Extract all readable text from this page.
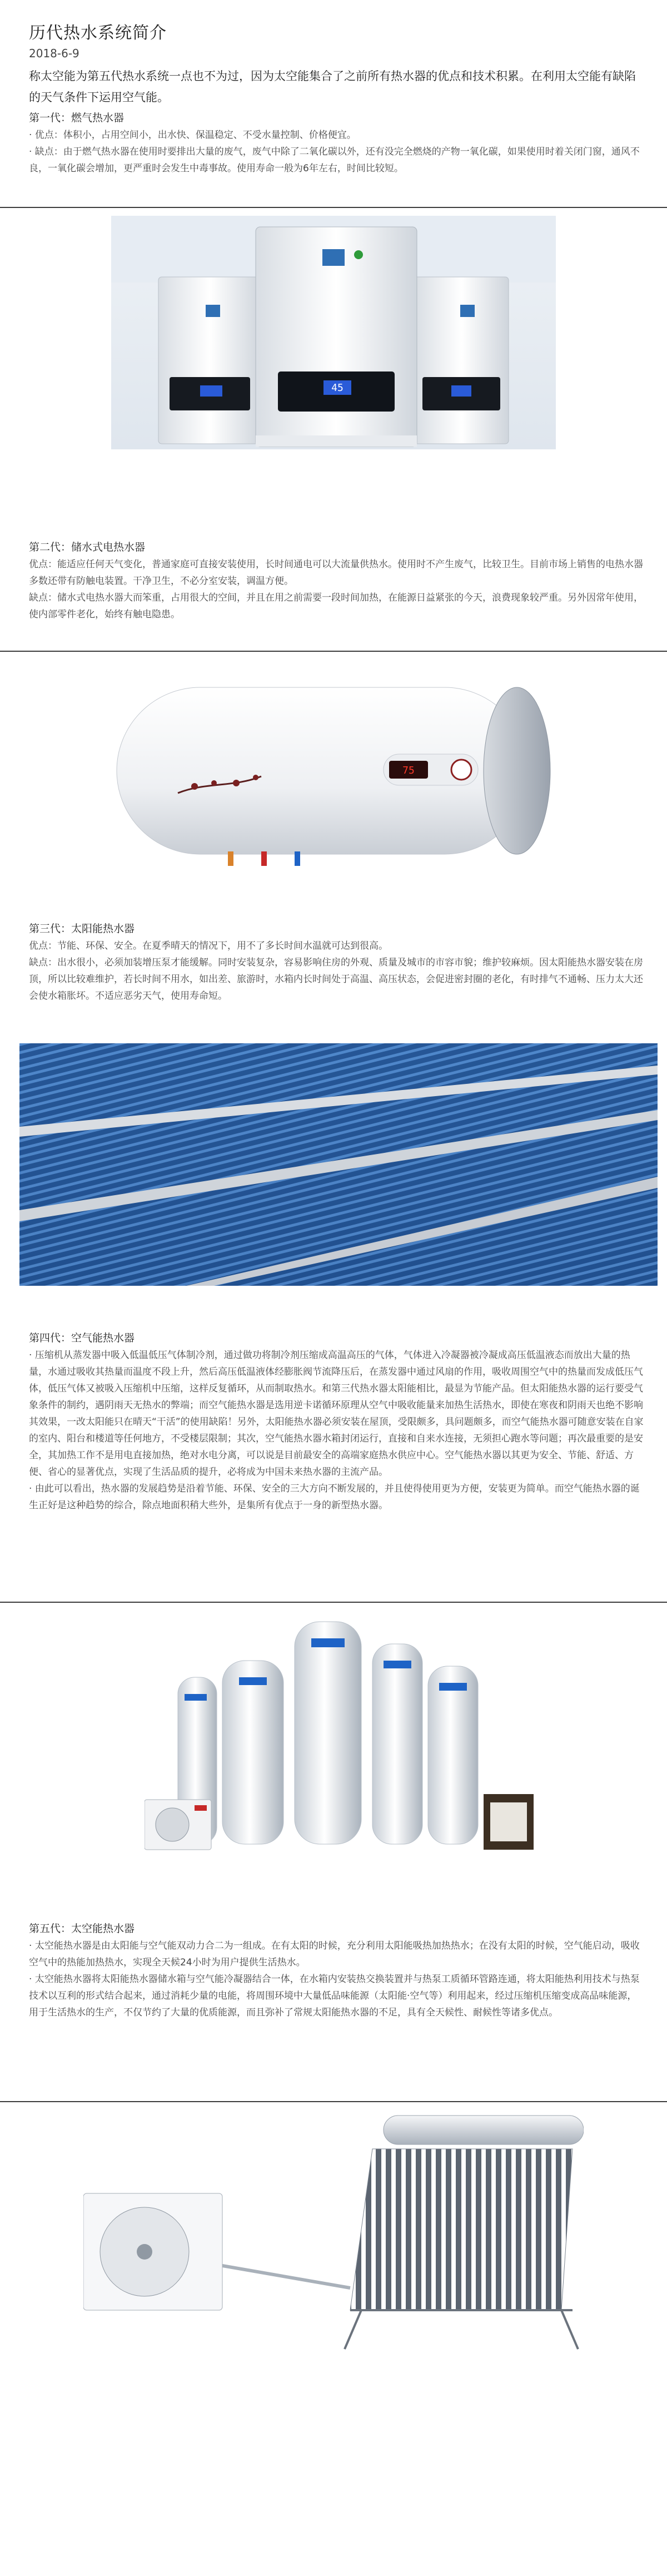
历代热水系统简介
2018-6-9
称太空能为第五代热水系统一点也不为过，因为太空能集合了之前所有热水器的优点和技术积累。在利用太空能有缺陷的天气条件下运用空气能。
第一代：燃气热水器

· 优点：体积小，占用空间小，出水快、保温稳定、不受水量控制、价格便宜。

· 缺点：由于燃气热水器在使用时要排出大量的废气，废气中除了二氧化碳以外，还有没完全燃烧的产物一氧化碳，如果使用时着关闭门窗，通风不良，一氧化碳会增加，更严重时会发生中毒事故。使用寿命一般为6年左右，时间比较短。

45
第二代：储水式电热水器

优点：能适应任何天气变化，普通家庭可直接安装使用，长时间通电可以大流量供热水。使用时不产生废气，比较卫生。目前市场上销售的电热水器多数还带有防触电装置。干净卫生，不必分室安装，调温方便。

缺点：储水式电热水器大而笨重，占用很大的空间，并且在用之前需要一段时间加热，在能源日益紧张的今天，浪费现象较严重。另外因常年使用，使内部零件老化，始终有触电隐患。

75
第三代：太阳能热水器

优点：节能、环保、安全。在夏季晴天的情况下，用不了多长时间水温就可达到很高。

缺点：出水很小，必须加装增压泵才能缓解。同时安装复杂，容易影响住房的外观、质量及城市的市容市貌；维护较麻烦。因太阳能热水器安装在房顶，所以比较难维护，若长时间不用水，如出差、旅游时，水箱内长时间处于高温、高压状态，会促进密封圈的老化，有时排气不通畅、压力太大还会使水箱胀坏。不适应恶劣天气，使用寿命短。

第四代：空气能热水器

· 压缩机从蒸发器中吸入低温低压气体制冷剂，通过做功将制冷剂压缩成高温高压的气体，气体进入冷凝器被冷凝成高压低温液态而放出大量的热量，水通过吸收其热量而温度不段上升，然后高压低温液体经膨胀阀节流降压后，在蒸发器中通过风扇的作用，吸收周围空气中的热量而发成低压气体，低压气体又被吸入压缩机中压缩，这样反复循环，从而制取热水。和第三代热水器太阳能相比，最显为节能产品。但太阳能热水器的运行要受气象条件的制约，遇阴雨天无热水的弊端；而空气能热水器是选用逆卡诺循环原理从空气中吸收能量来加热生活热水，即使在寒夜和阴雨天也绝不影响其效果，一改太阳能只在晴天“干活”的使用缺陷！另外，太阳能热水器必须安装在屋顶，受限颇多，具问题颇多，而空气能热水器可随意安装在自家的室内、阳台和楼道等任何地方，不受楼层限制；其次，空气能热水器水箱封闭运行，直接和自来水连接，无须担心跑水等问题；再次最重要的是安全，其加热工作不是用电直接加热，绝对水电分离，可以说是目前最安全的高端家庭热水供应中心。空气能热水器以其更为安全、节能、舒适、方便、省心的显著优点，实现了生活品质的提升，必将成为中国未来热水器的主流产品。

· 由此可以看出，热水器的发展趋势是沿着节能、环保、安全的三大方向不断发展的，并且使得使用更为方便，安装更为简单。而空气能热水器的诞生正好是这种趋势的综合，除点地面积稍大些外，是集所有优点于一身的新型热水器。

第五代：太空能热水器

· 太空能热水器是由太阳能与空气能双动力合二为一组成。在有太阳的时候，充分利用太阳能吸热加热热水；在没有太阳的时候，空气能启动，吸收空气中的热能加热热水，实现全天候24小时为用户提供生活热水。

· 太空能热水器将太阳能热水器储水箱与空气能冷凝器结合一体，在水箱内安装热交换装置并与热泵工质循环管路连通，将太阳能热利用技术与热泵技术以互利的形式结合起来，通过消耗少量的电能，将周围环境中大量低品味能源（太阳能·空气等）利用起来，经过压缩机压缩变成高品味能源，用于生活热水的生产，不仅节约了大量的优质能源，而且弥补了常规太阳能热水器的不足，具有全天候性、耐候性等诸多优点。
